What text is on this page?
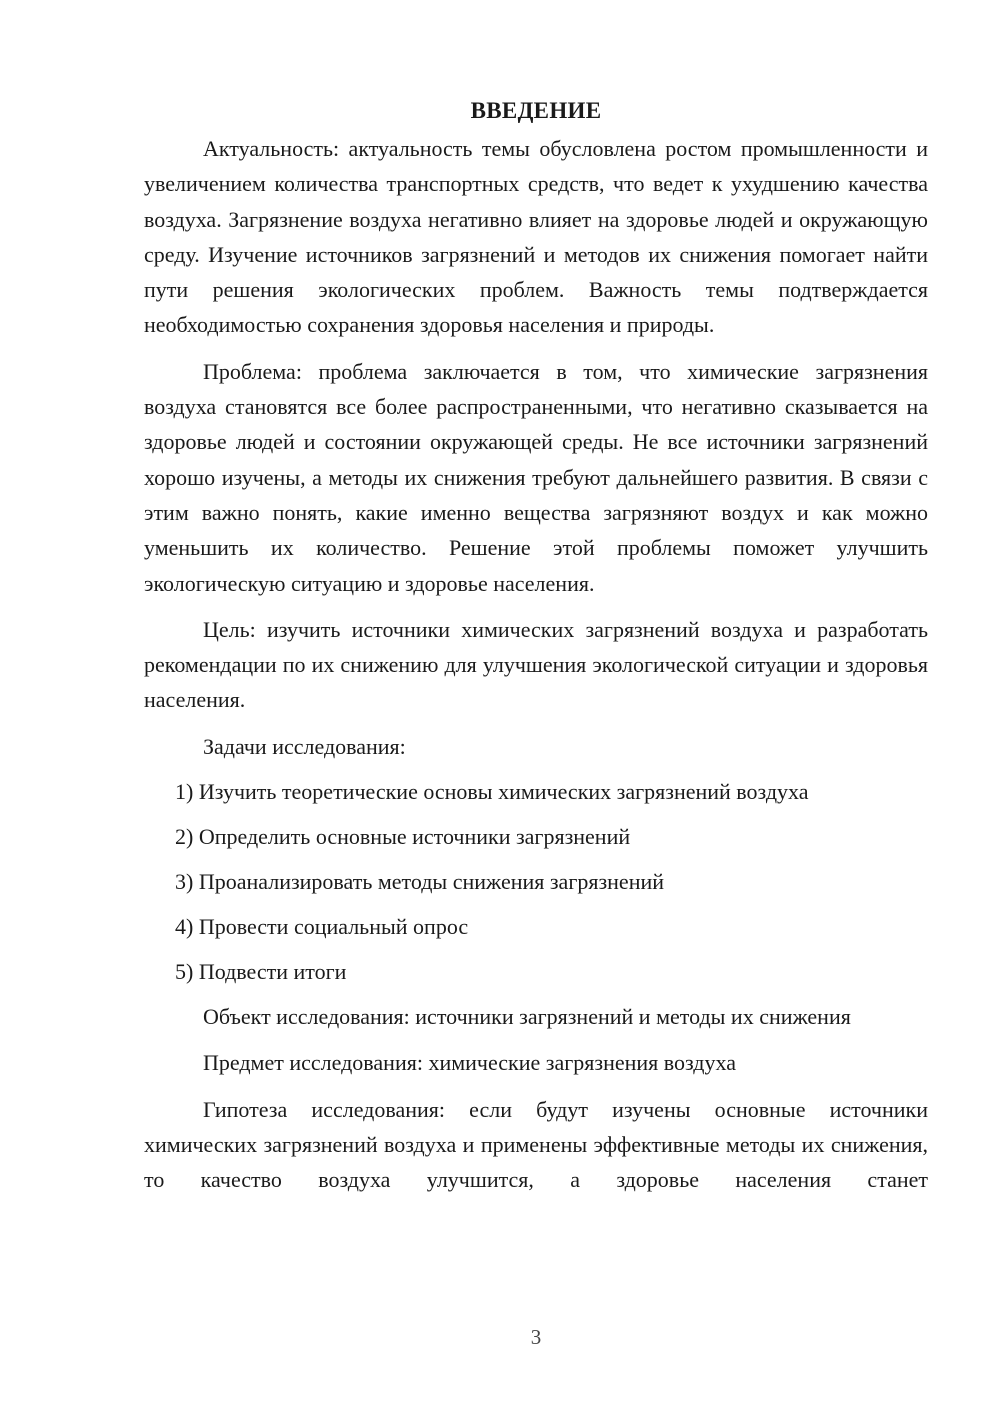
ВВЕДЕНИЕ

Актуальность: актуальность темы обусловлена ростом промышленности и увеличением количества транспортных средств, что ведет к ухудшению качества воздуха. Загрязнение воздуха негативно влияет на здоровье людей и окружающую среду. Изучение источников загрязнений и методов их снижения помогает найти пути решения экологических проблем. Важность темы подтверждается необходимостью сохранения здоровья населения и природы.

Проблема: проблема заключается в том, что химические загрязнения воздуха становятся все более распространенными, что негативно сказывается на здоровье людей и состоянии окружающей среды. Не все источники загрязнений хорошо изучены, а методы их снижения требуют дальнейшего развития. В связи с этим важно понять, какие именно вещества загрязняют воздух и как можно уменьшить их количество. Решение этой проблемы поможет улучшить экологическую ситуацию и здоровье населения.

Цель: изучить источники химических загрязнений воздуха и разработать рекомендации по их снижению для улучшения экологической ситуации и здоровья населения.

Задачи исследования:

1) Изучить теоретические основы химических загрязнений воздуха
2) Определить основные источники загрязнений
3) Проанализировать методы снижения загрязнений
4) Провести социальный опрос
5) Подвести итоги

Объект исследования: источники загрязнений и методы их снижения

Предмет исследования: химические загрязнения воздуха

Гипотеза исследования: если будут изучены основные источники химических загрязнений воздуха и применены эффективные методы их снижения, то качество воздуха улучшится, а здоровье населения станет

3
